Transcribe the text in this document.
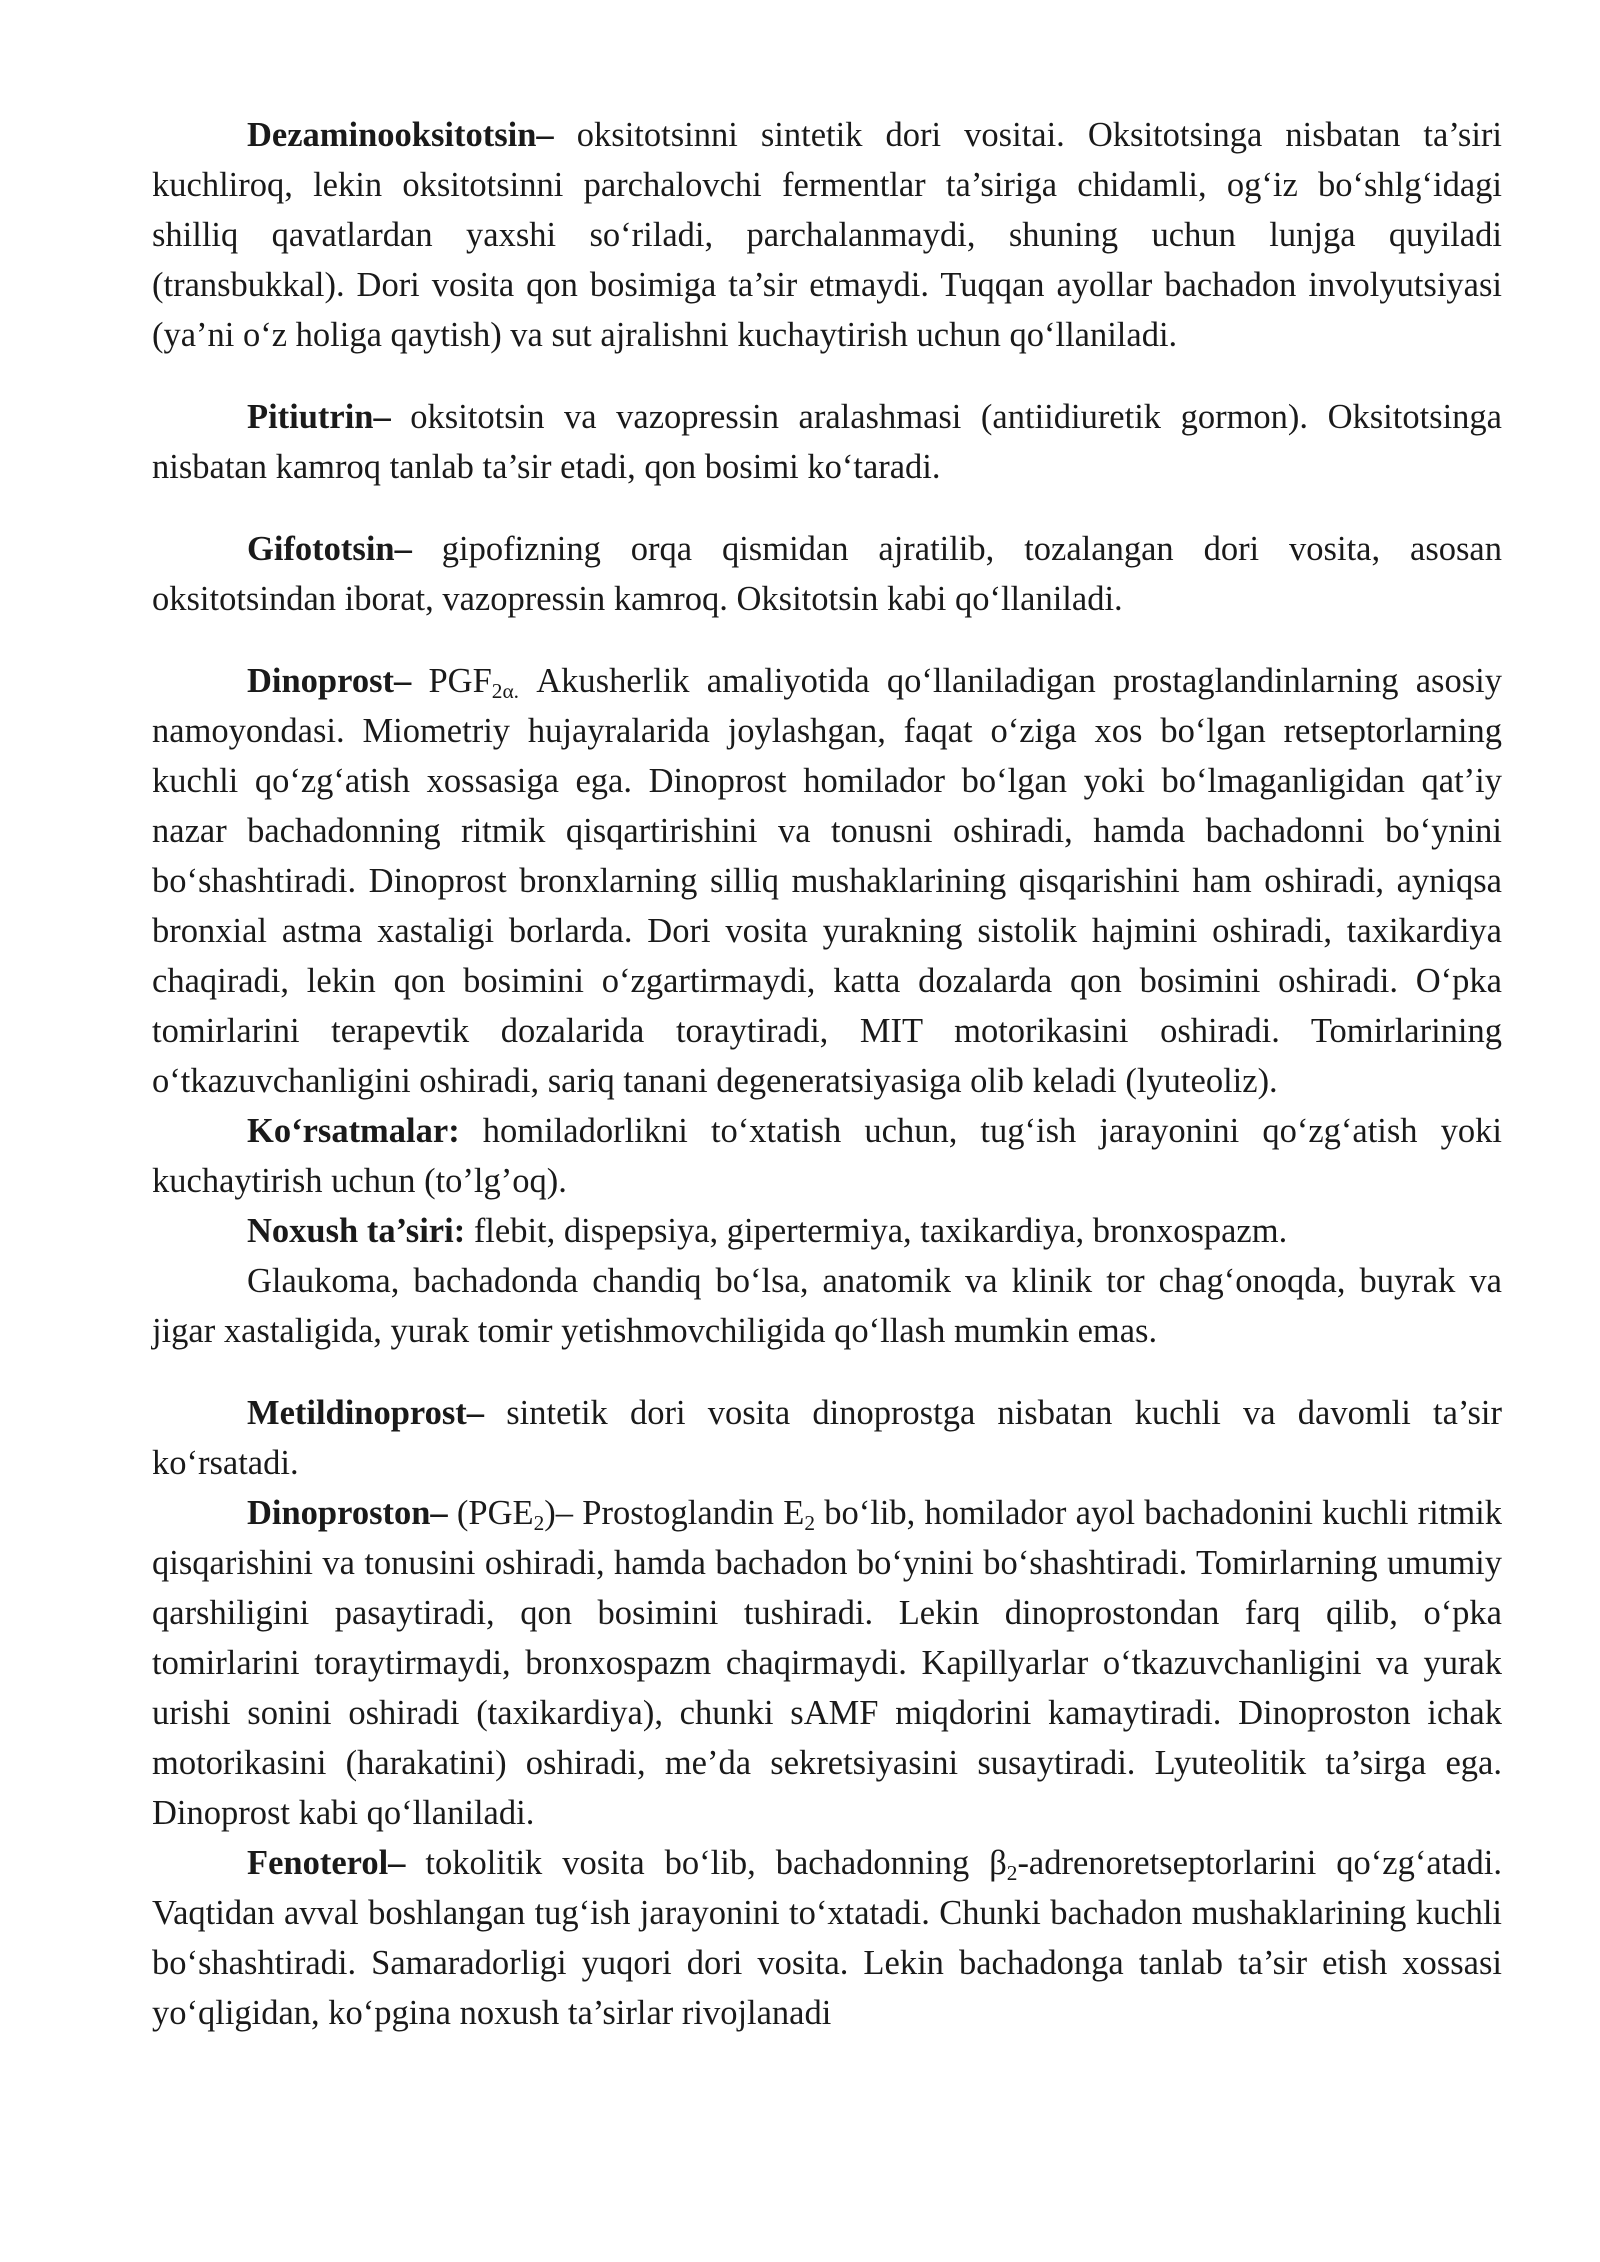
Dezaminooksitotsin– oksitotsinni sintetik dori vositai. Oksitotsinga nisbatan ta’siri kuchliroq, lekin oksitotsinni parchalovchi fermentlar ta’siriga chidamli, og‘iz bo‘shlg‘idagi shilliq qavatlardan yaxshi so‘riladi, parchalanmaydi, shuning uchun lunjga quyiladi (transbukkal). Dori vosita qon bosimiga ta’sir etmaydi. Tuqqan ayollar bachadon involyutsiyasi (ya’ni o‘z holiga qaytish) va sut ajralishni kuchaytirish uchun qo‘llaniladi.

Pitiutrin– oksitotsin va vazopressin aralashmasi (antiidiuretik gormon). Oksitotsinga nisbatan kamroq tanlab ta’sir etadi, qon bosimi ko‘taradi.

Gifototsin– gipofizning orqa qismidan ajratilib, tozalangan dori vosita, asosan oksitotsindan iborat, vazopressin kamroq. Oksitotsin kabi qo‘llaniladi.

Dinoprost– $PGF_{2\alpha.}$ Akusherlik amaliyotida qo‘llaniladigan prostaglandinlarning asosiy namoyondasi. Miometriy hujayralarida joylashgan, faqat o‘ziga xos bo‘lgan retseptorlarning kuchli qo‘zg‘atish xossasiga ega. Dinoprost homilador bo‘lgan yoki bo‘lmaganligidan qat’iy nazar bachadonning ritmik qisqartirishini va tonusni oshiradi, hamda bachadonni bo‘ynini bo‘shashtiradi. Dinoprost bronxlarning silliq mushaklarining qisqarishini ham oshiradi, ayniqsa bronxial astma xastaligi borlarda. Dori vosita yurakning sistolik hajmini oshiradi, taxikardiya chaqiradi, lekin qon bosimini o‘zgartirmaydi, katta dozalarda qon bosimini oshiradi. O‘pka tomirlarini terapevtik dozalarida toraytiradi, MIT motorikasini oshiradi. Tomirlarining o‘tkazuvchanligini oshiradi, sariq tanani degeneratsiyasiga olib keladi (lyuteoliz).

Ko‘rsatmalar: homiladorlikni to‘xtatish uchun, tug‘ish jarayonini qo‘zg‘atish yoki kuchaytirish uchun (to’lg’oq).

Noxush ta’siri: flebit, dispepsiya, gipertermiya, taxikardiya, bronxospazm.

Glaukoma, bachadonda chandiq bo‘lsa, anatomik va klinik tor chag‘onoqda, buyrak va jigar xastaligida, yurak tomir yetishmovchiligida qo‘llash mumkin emas.

Metildinoprost– sintetik dori vosita dinoprostga nisbatan kuchli va davomli ta’sir ko‘rsatadi.

Dinoproston– $(PGE_2)-$ Prostoglandin $E_2$ bo‘lib, homilador ayol bachadonini kuchli ritmik qisqarishini va tonusini oshiradi, hamda bachadon bo‘ynini bo‘shashtiradi. Tomirlarning umumiy qarshiligini pasaytiradi, qon bosimini tushiradi. Lekin dinoprostondan farq qilib, o‘pka tomirlarini toraytirmaydi, bronxospazm chaqirmaydi. Kapillyarlar o‘tkazuvchanligini va yurak urishi sonini oshiradi (taxikardiya), chunki sAMF miqdorini kamaytiradi. Dinoproston ichak motorikasini (harakatini) oshiradi, me’da sekretsiyasini susaytiradi. Lyuteolitik ta’sirga ega. Dinoprost kabi qo‘llaniladi.

Fenoterol– tokolitik vosita bo‘lib, bachadonning $\beta_2$-adrenoretseptorlarini qo‘zg‘atadi. Vaqtidan avval boshlangan tug‘ish jarayonini to‘xtatadi. Chunki bachadon mushaklarining kuchli bo‘shashtiradi. Samaradorligi yuqori dori vosita. Lekin bachadonga tanlab ta’sir etish xossasi yo‘qligidan, ko‘pgina noxush ta’sirlar rivojlanadi
